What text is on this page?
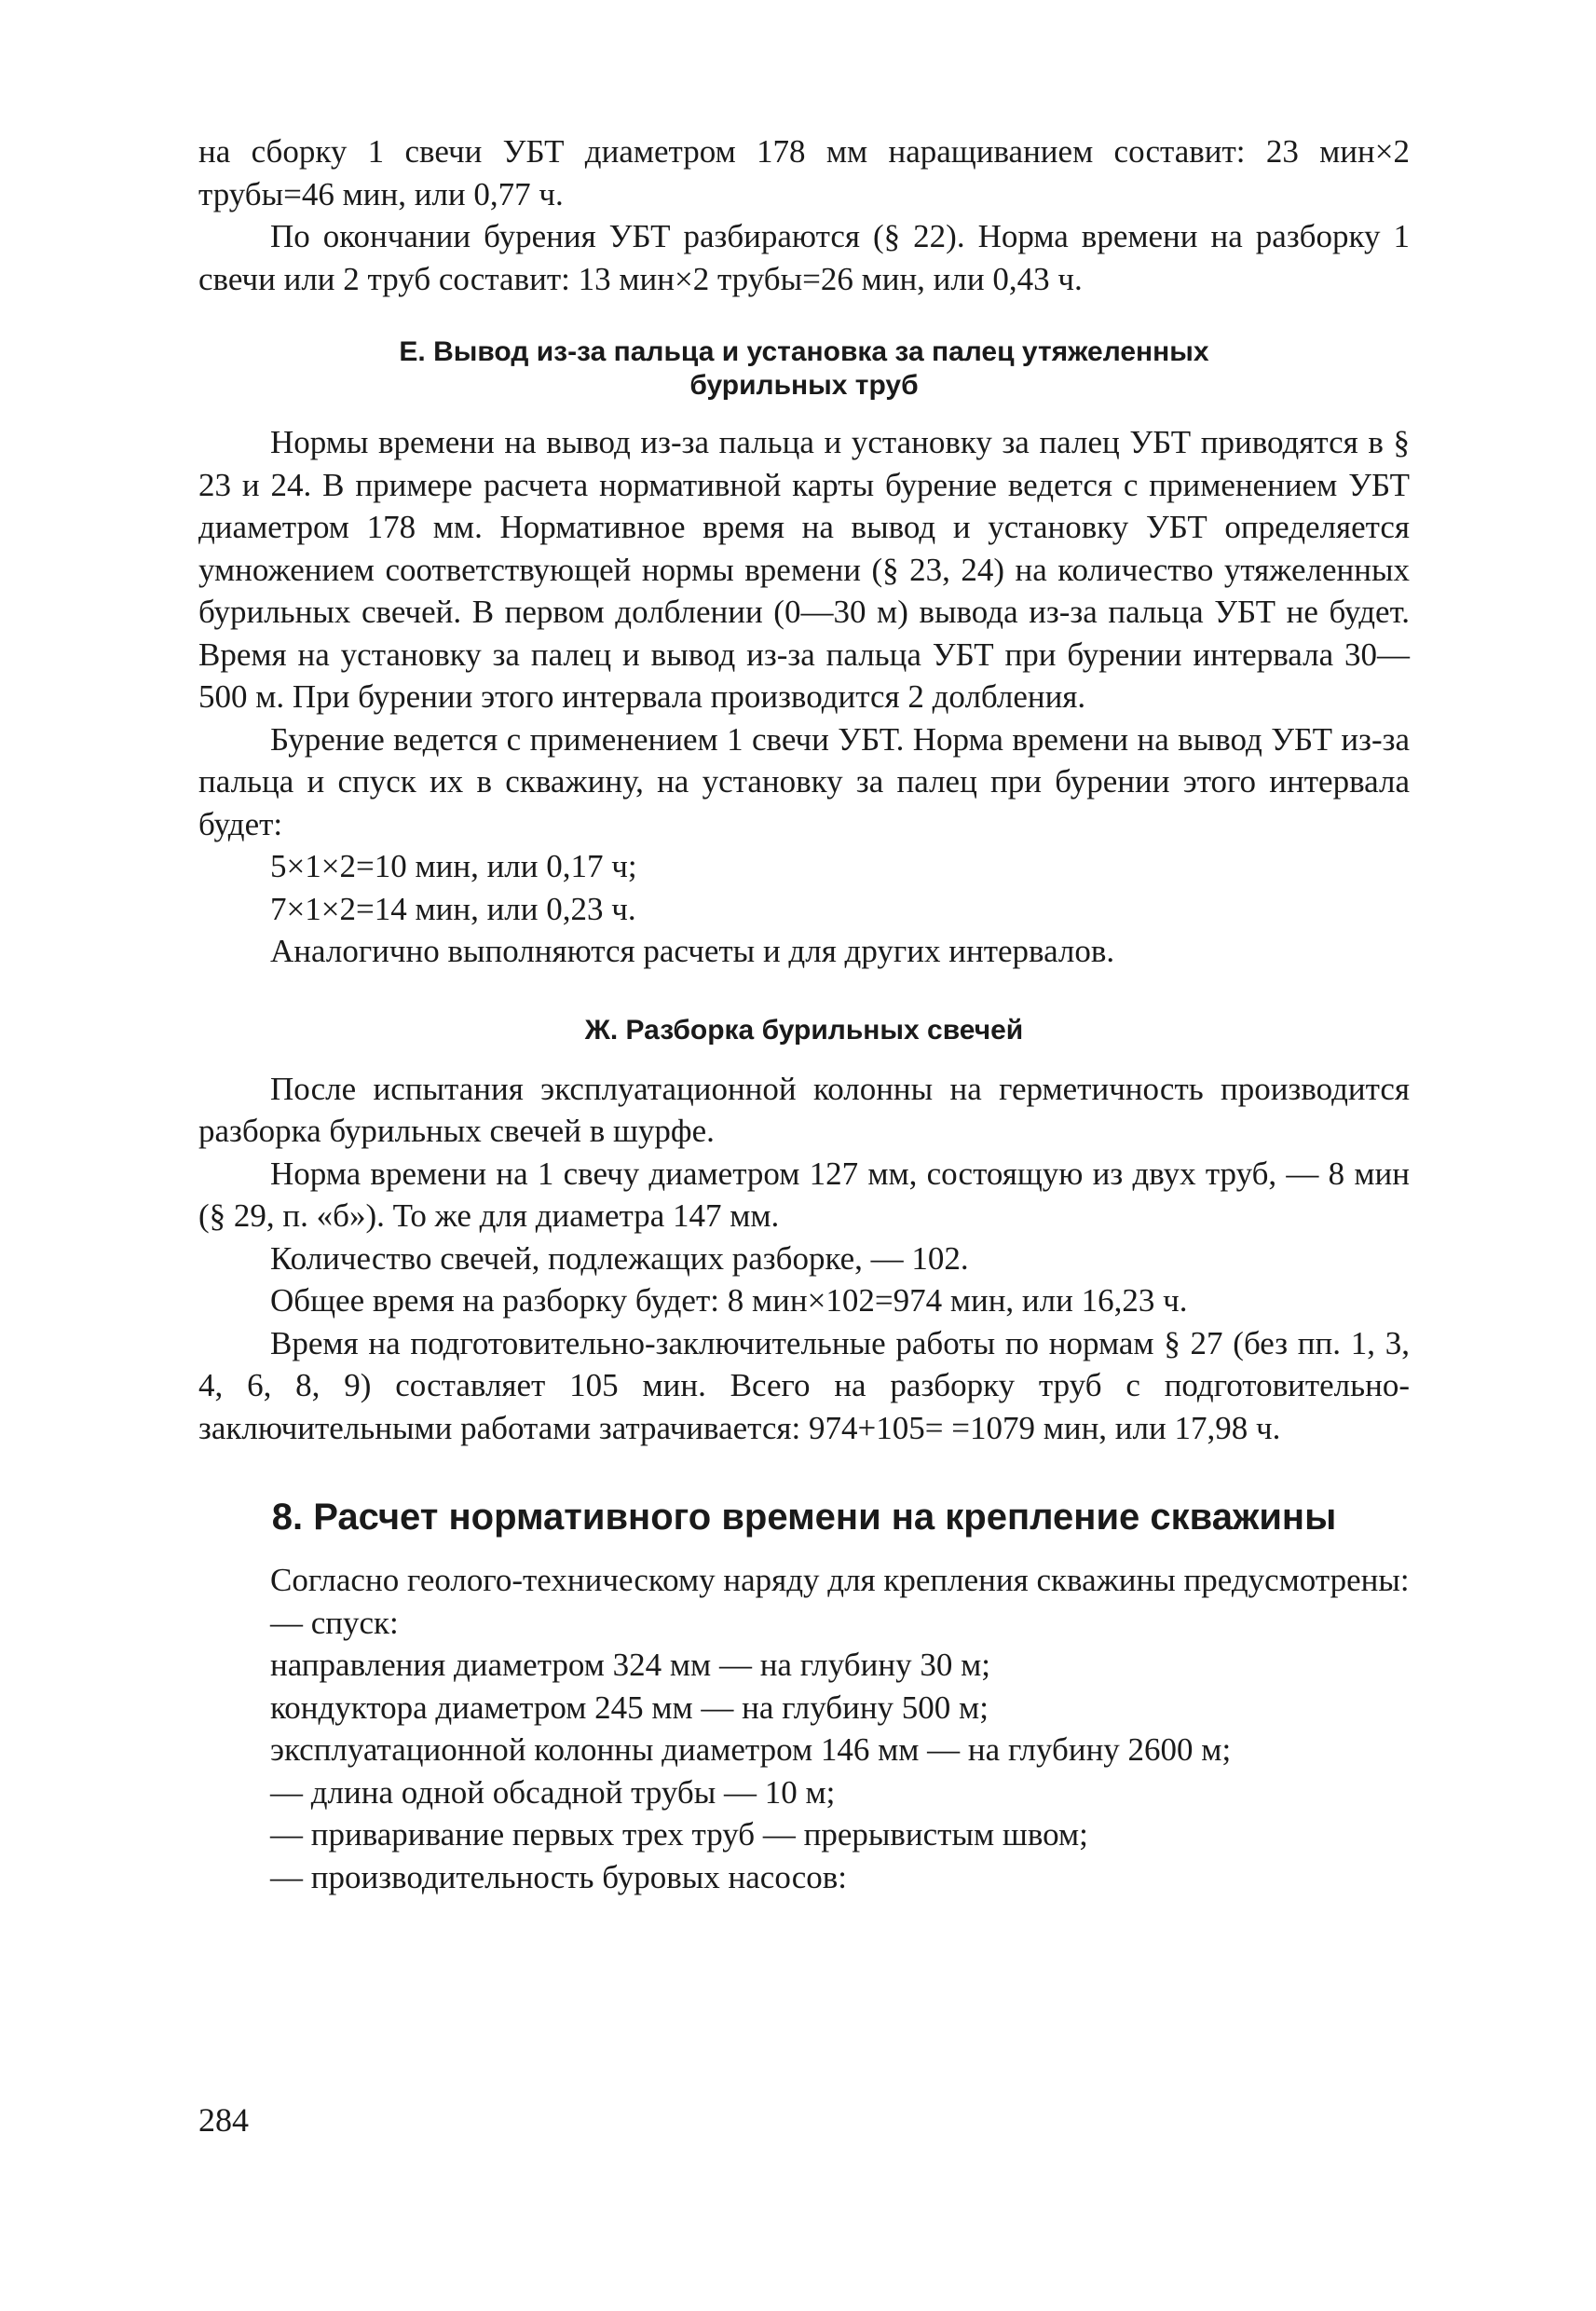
на сборку 1 свечи УБТ диаметром 178 мм наращиванием составит: 23 мин×2 трубы=46 мин, или 0,77 ч.

По окончании бурения УБТ разбираются (§ 22). Норма времени на разборку 1 свечи или 2 труб составит: 13 мин×2 трубы=26 мин, или 0,43 ч.

Е. Вывод из-за пальца и установка за палец утяжеленных

бурильных труб

Нормы времени на вывод из-за пальца и установку за палец УБТ приводятся в § 23 и 24. В примере расчета нормативной карты бурение ведется с применением УБТ диаметром 178 мм. Нормативное время на вывод и установку УБТ определяется умножением соответствующей нормы времени (§ 23, 24) на количество утяжеленных бурильных свечей. В первом долблении (0—30 м) вывода из-за пальца УБТ не будет. Время на установку за палец и вывод из-за пальца УБТ при бурении интервала 30—500 м. При бурении этого интервала производится 2 долбления.

Бурение ведется с применением 1 свечи УБТ. Норма времени на вывод УБТ из-за пальца и спуск их в скважину, на установку за палец при бурении этого интервала будет:

5×1×2=10 мин, или 0,17 ч;

7×1×2=14 мин, или 0,23 ч.

Аналогично выполняются расчеты и для других интервалов.

Ж. Разборка бурильных свечей

После испытания эксплуатационной колонны на герметичность производится разборка бурильных свечей в шурфе.

Норма времени на 1 свечу диаметром 127 мм, состоящую из двух труб, — 8 мин (§ 29, п. «б»). То же для диаметра 147 мм.

Количество свечей, подлежащих разборке, — 102.

Общее время на разборку будет: 8 мин×102=974 мин, или 16,23 ч.

Время на подготовительно-заключительные работы по нормам § 27 (без пп. 1, 3, 4, 6, 8, 9) составляет 105 мин. Всего на разборку труб с подготовительно-заключительными работами затрачивается: 974+105= =1079 мин, или 17,98 ч.

8. Расчет нормативного времени на крепление скважины

Согласно геолого-техническому наряду для крепления скважины предусмотрены:

— спуск:

направления диаметром 324 мм — на глубину 30 м;

кондуктора диаметром 245 мм — на глубину 500 м;

эксплуатационной колонны диаметром 146 мм — на глубину 2600 м;

— длина одной обсадной трубы — 10 м;

— приваривание первых трех труб — прерывистым швом;

— производительность буровых насосов:

284
